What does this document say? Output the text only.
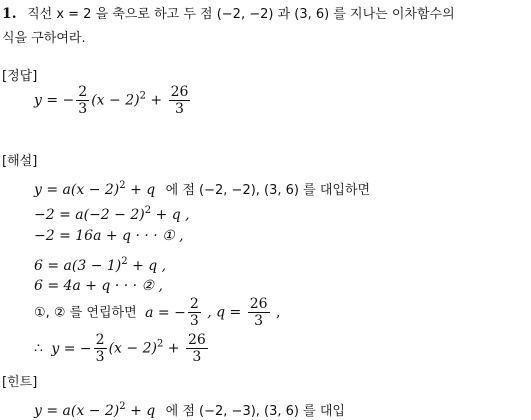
1. 직선 x = 2 을 축으로 하고 두 점 (−2, −2) 과 (3, 6) 를 지나는 이차함수의
식을 구하여라.
[정답]
y = − $\frac{2}{3} (x - 2)^2 + \frac{26}{3}$
[해설]
$y = a(x - 2)^2 + q$ 에 점 (−2, −2), (3, 6) 를 대입하면
$-2 = a(-2 - 2)^2 + q$ ,
−2 = 16a + q · · · ① ,
$6 = a(3 - 1)^2 + q$ ,
6 = 4a + q · · · ② ,
①, ② 를 연립하면 a = − $\frac{2}{3}$ , $q = \frac{26}{3}$ ,
∴ y = − $\frac{2}{3} (x - 2)^2 + \frac{26}{3}$
[힌트]
$y = a(x - 2)^2 + q$ 에 점 (−2, −3), (3, 6) 를 대입
